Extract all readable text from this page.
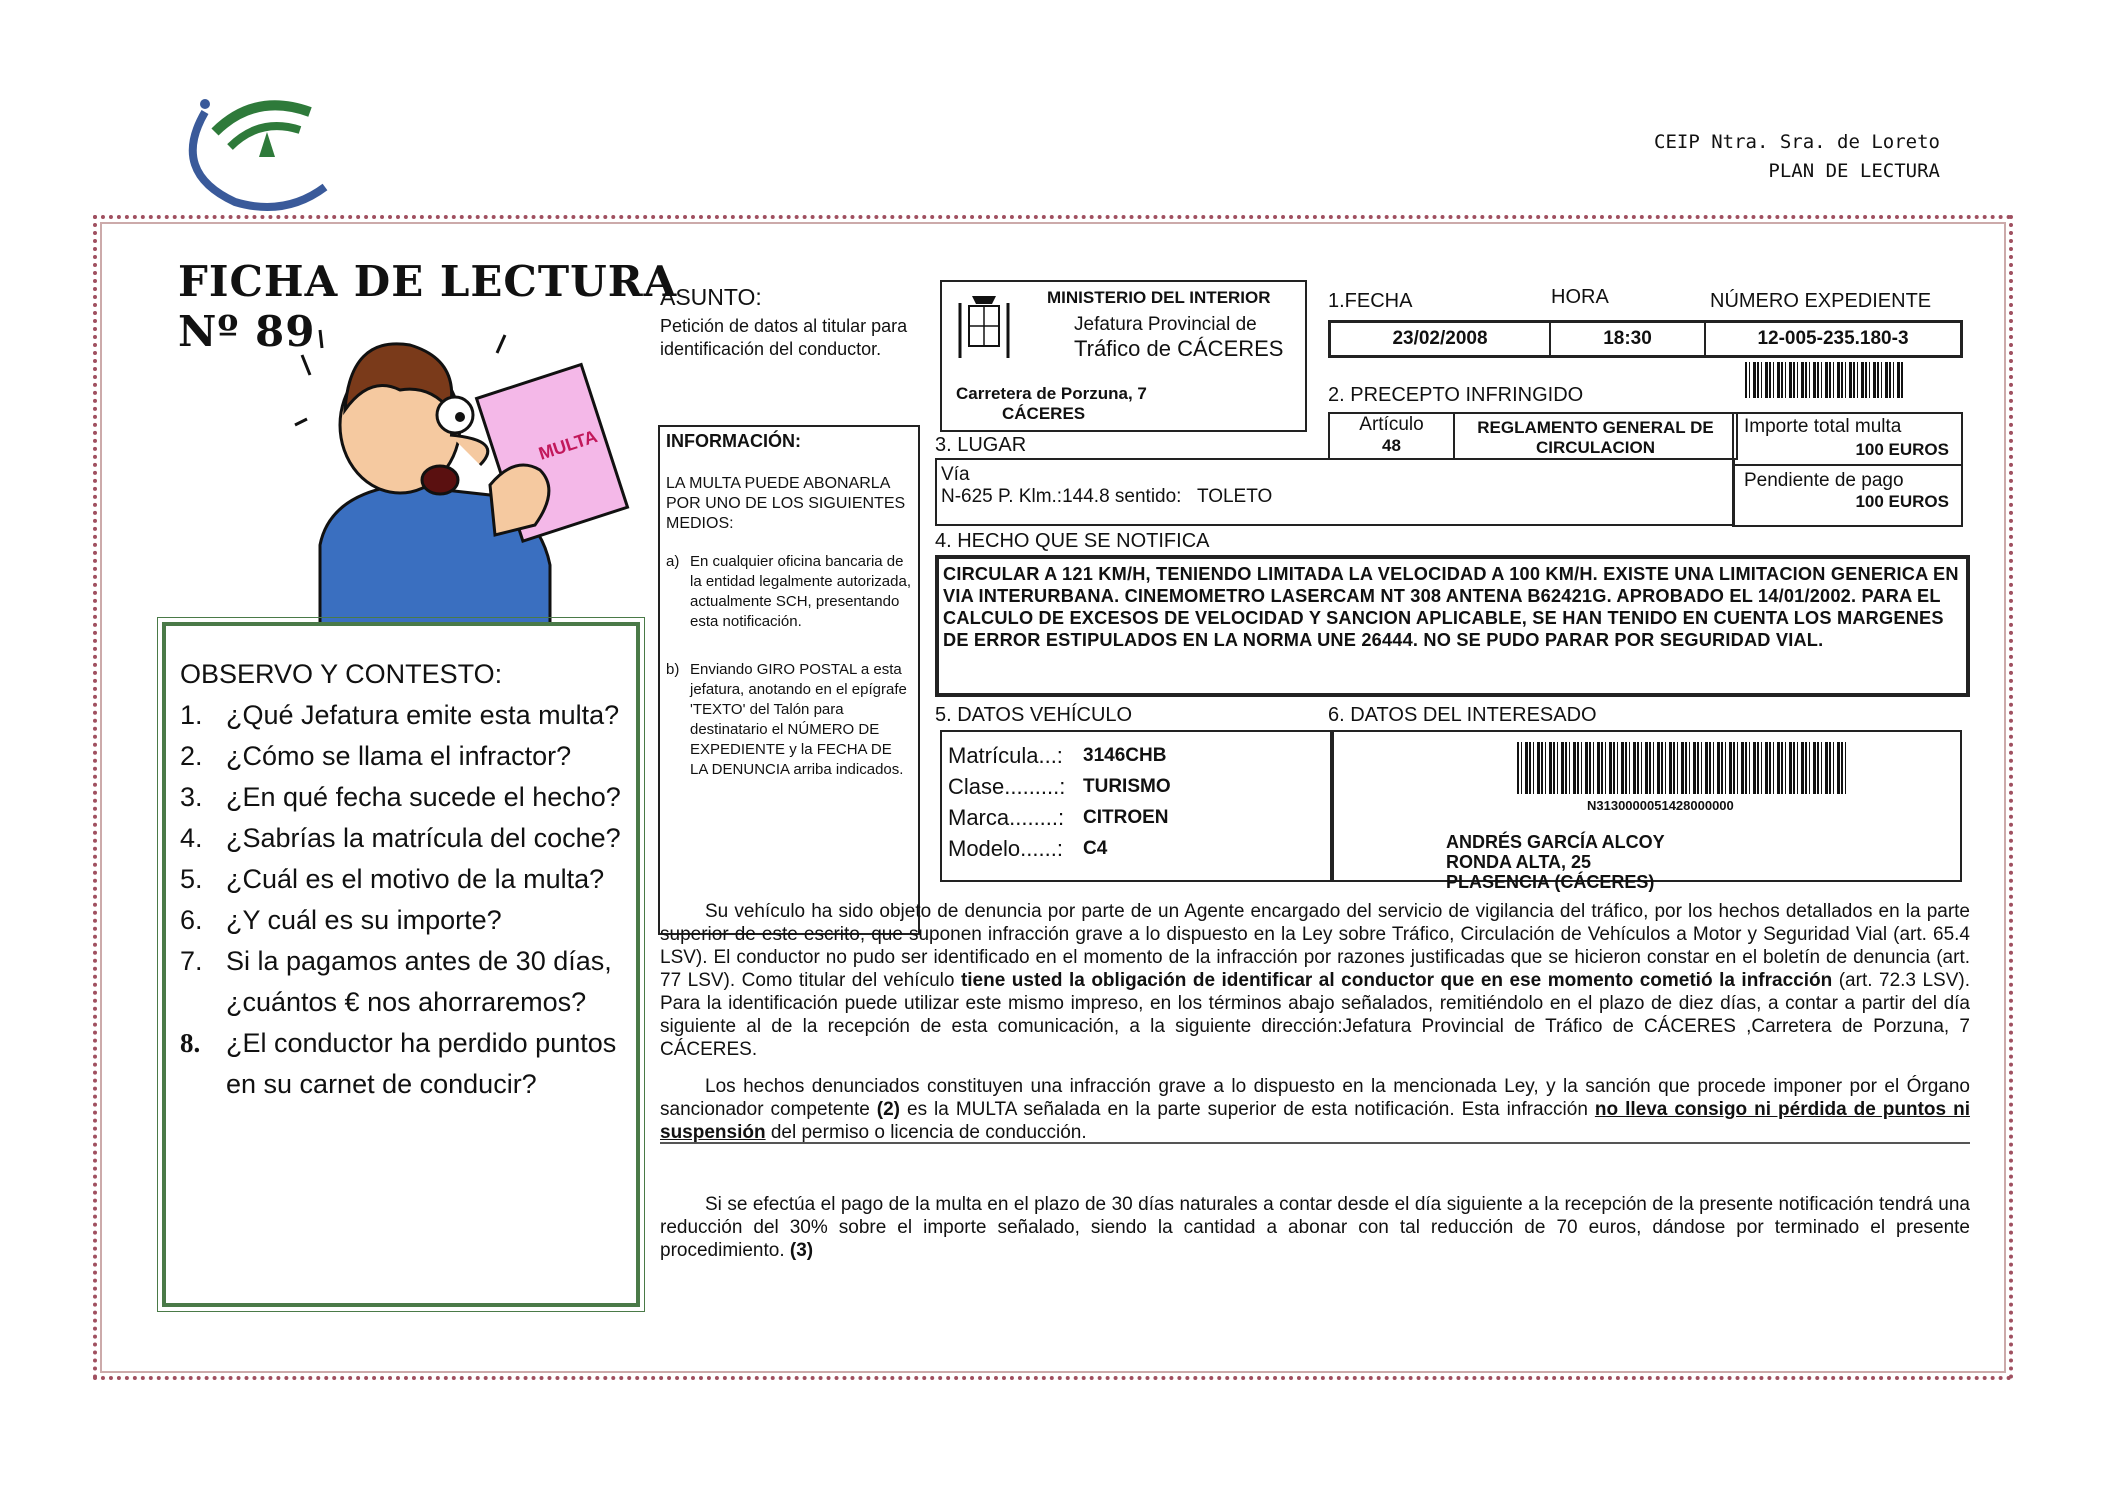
CEIP Ntra. Sra. de Loreto
PLAN DE LECTURA
FICHA DE LECTURA
Nº 89
MULTA
OBSERVO Y CONTESTO:
1. ¿Qué Jefatura emite esta multa?
2. ¿Cómo se llama el infractor?
3. ¿En qué fecha sucede el hecho?
4. ¿Sabrías la matrícula del coche?
5. ¿Cuál es el motivo de la multa?
6. ¿Y cuál es su importe?
7. Si la pagamos antes de 30 días, ¿cuántos € nos ahorraremos?
8. ¿El conductor ha perdido puntos en su carnet de conducir?
ASUNTO:
Petición de datos al titular para identificación del conductor.
MINISTERIO DEL INTERIOR
Jefatura Provincial de
Tráfico de CÁCERES
Carretera de Porzuna, 7
CÁCERES
1.FECHA	HORA	NÚMERO EXPEDIENTE
23/02/2008	18:30	12-005-235.180-3
2. PRECEPTO INFRINGIDO
Artículo
48
REGLAMENTO GENERAL DE CIRCULACION
Importe total multa
100 EUROS
Pendiente de pago
100 EUROS
INFORMACIÓN:
LA MULTA PUEDE ABONARLA POR UNO DE LOS SIGUIENTES MEDIOS:
a) En cualquier oficina bancaria de la entidad legalmente autorizada, actualmente SCH, presentando esta notificación.
b) Enviando GIRO POSTAL a esta jefatura, anotando en el epígrafe 'TEXTO' del Talón para destinatario el NÚMERO DE EXPEDIENTE y la FECHA DE LA DENUNCIA arriba indicados.
3. LUGAR
Vía
N-625 P. Klm.:144.8 sentido:   TOLETO
4. HECHO QUE SE NOTIFICA
CIRCULAR A 121 KM/H, TENIENDO LIMITADA LA VELOCIDAD A 100 KM/H. EXISTE UNA LIMITACION GENERICA EN VIA INTERURBANA. CINEMOMETRO LASERCAM NT 308 ANTENA B62421G. APROBADO EL 14/01/2002. PARA EL CALCULO DE EXCESOS DE VELOCIDAD Y SANCION APLICABLE, SE HAN TENIDO EN CUENTA LOS MARGENES DE ERROR ESTIPULADOS EN LA NORMA UNE 26444. NO SE PUDO PARAR POR SEGURIDAD VIAL.
5. DATOS VEHÍCULO	6. DATOS DEL INTERESADO
Matrícula...:	3146CHB
Clase.........: TURISMO
Marca........: CITROEN
Modelo......:	C4
N3130000051428000000
ANDRÉS GARCÍA ALCOY
RONDA ALTA, 25
PLASENCIA (CÁCERES)
Su vehículo ha sido objeto de denuncia por parte de un Agente encargado del servicio de vigilancia del tráfico, por los hechos detallados en la parte superior de este escrito, que suponen infracción grave a lo dispuesto en la Ley sobre Tráfico, Circulación de Vehículos a Motor y Seguridad Vial (art. 65.4 LSV). El conductor no pudo ser identificado en el momento de la infracción por razones justificadas que se hicieron constar en el boletín de denuncia (art. 77 LSV). Como titular del vehículo tiene usted la obligación de identificar al conductor que en ese momento cometió la infracción (art. 72.3 LSV). Para la identificación puede utilizar este mismo impreso, en los términos abajo señalados, remitiéndolo en el plazo de diez días, a contar a partir del día siguiente al de la recepción de esta comunicación, a la siguiente dirección:Jefatura Provincial de Tráfico de CÁCERES ,Carretera de Porzuna, 7 CÁCERES.
Los hechos denunciados constituyen una infracción grave a lo dispuesto en la mencionada Ley, y la sanción que procede imponer por el Órgano sancionador competente (2) es la MULTA señalada en la parte superior de esta notificación. Esta infracción no lleva consigo ni pérdida de puntos ni suspensión del permiso o licencia de conducción.
Si se efectúa el pago de la multa en el plazo de 30 días naturales a contar desde el día siguiente a la recepción de la presente notificación tendrá una reducción del 30% sobre el importe señalado, siendo la cantidad a abonar con tal reducción de 70 euros, dándose por terminado el presente procedimiento. (3)
